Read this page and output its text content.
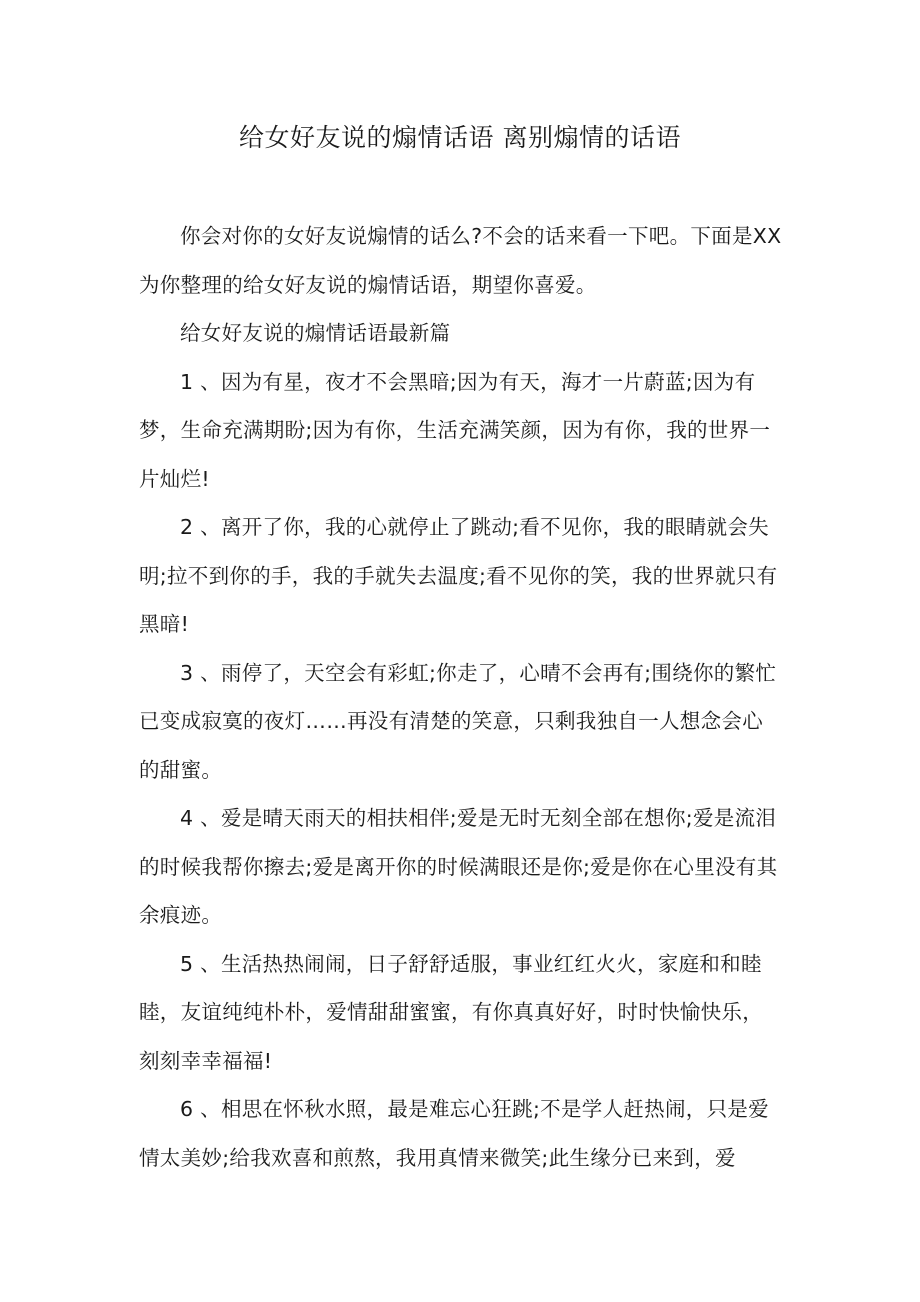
给女好友说的煽情话语 离别煽情的话语

你会对你的女好友说煽情的话么?不会的话来看一下吧。下面是XX为你整理的给女好友说的煽情话语，期望你喜爱。

给女好友说的煽情话语最新篇

1 、因为有星，夜才不会黑暗;因为有天，海才一片蔚蓝;因为有梦，生命充满期盼;因为有你，生活充满笑颜，因为有你，我的世界一片灿烂!

2 、离开了你，我的心就停止了跳动;看不见你，我的眼睛就会失明;拉不到你的手，我的手就失去温度;看不见你的笑，我的世界就只有黑暗!

3 、雨停了，天空会有彩虹;你走了，心晴不会再有;围绕你的繁忙已变成寂寞的夜灯……再没有清楚的笑意，只剩我独自一人想念会心的甜蜜。

4 、爱是晴天雨天的相扶相伴;爱是无时无刻全部在想你;爱是流泪的时候我帮你擦去;爱是离开你的时候满眼还是你;爱是你在心里没有其余痕迹。

5 、生活热热闹闹，日子舒舒适服，事业红红火火，家庭和和睦睦，友谊纯纯朴朴，爱情甜甜蜜蜜，有你真真好好，时时快愉快乐，刻刻幸幸福福!

6 、相思在怀秋水照，最是难忘心狂跳;不是学人赶热闹，只是爱情太美妙;给我欢喜和煎熬，我用真情来微笑;此生缘分已来到，爱
